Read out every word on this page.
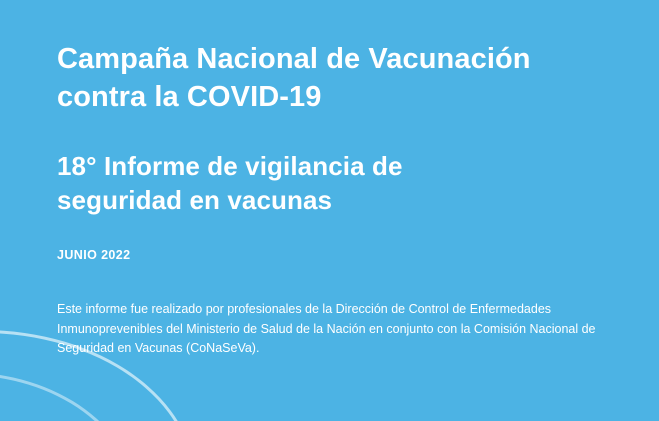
Campaña Nacional de Vacunación
contra la COVID-19
18° Informe de vigilancia de
seguridad en vacunas

JUNIO 2022

Este informe fue realizado por profesionales de la Dirección de Control de Enfermedades Inmunoprevenibles del Ministerio de Salud de la Nación en conjunto con la Comisión Nacional de Seguridad en Vacunas (CoNaSeVa).
